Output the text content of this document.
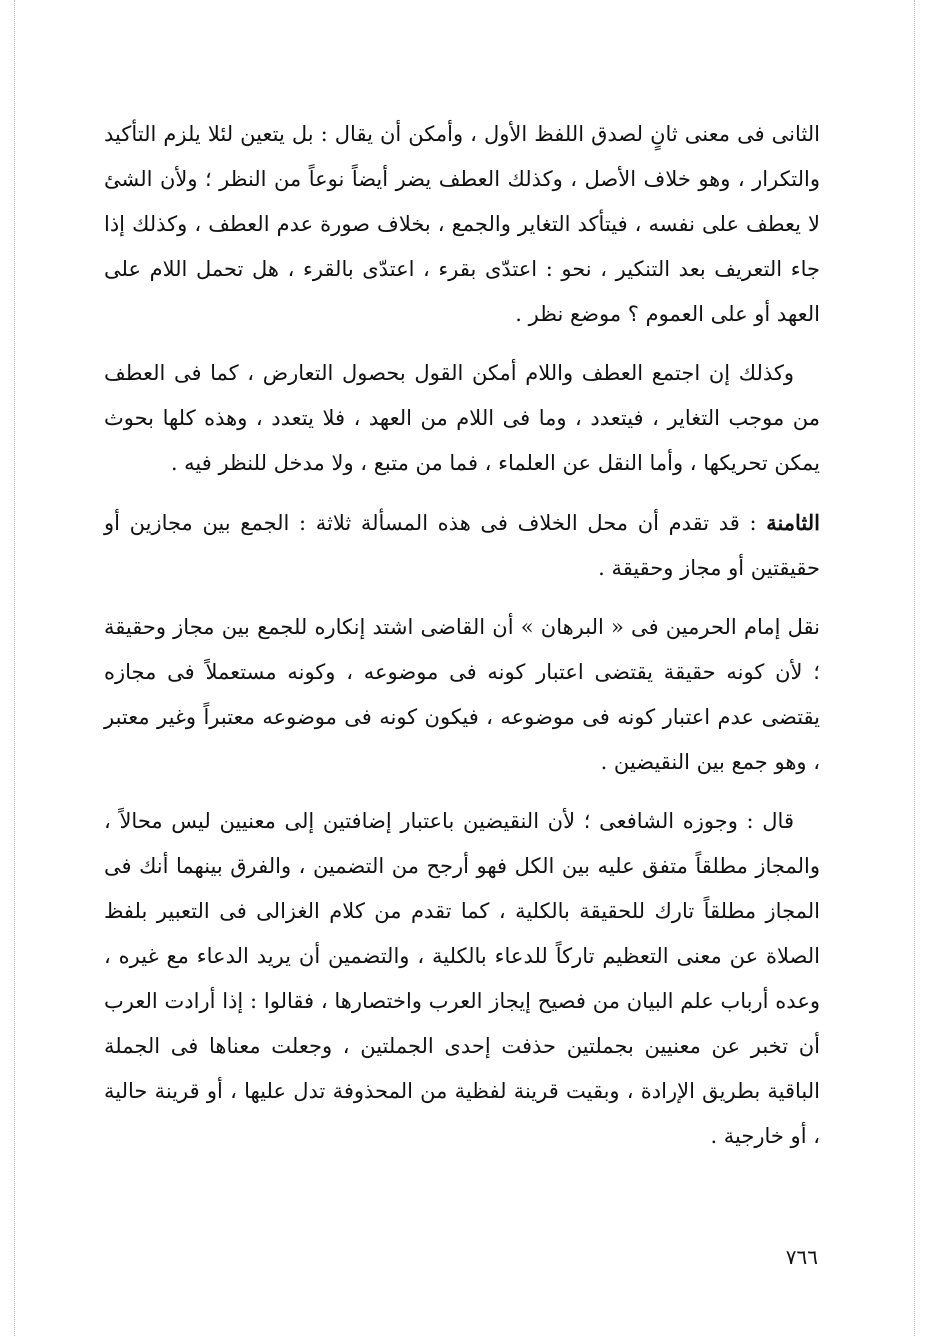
الثانى فى معنى ثانٍ لصدق اللفظ الأول ، وأمكن أن يقال : بل يتعين لئلا يلزم التأكيد والتكرار ، وهو خلاف الأصل ، وكذلك العطف يضر أيضاً نوعاً من النظر ؛ ولأن الشئ لا يعطف على نفسه ، فيتأكد التغاير والجمع ، بخلاف صورة عدم العطف ، وكذلك إذا جاء التعريف بعد التنكير ، نحو : اعتدّى بقرء ، اعتدّى بالقرء ، هل تحمل اللام على العهد أو على العموم ؟ موضع نظر .

وكذلك إن اجتمع العطف واللام أمكن القول بحصول التعارض ، كما فى العطف من موجب التغاير ، فيتعدد ، وما فى اللام من العهد ، فلا يتعدد ، وهذه كلها بحوث يمكن تحريكها ، وأما النقل عن العلماء ، فما من متبع ، ولا مدخل للنظر فيه .

الثامنة : قد تقدم أن محل الخلاف فى هذه المسألة ثلاثة : الجمع بين مجازين أو حقيقتين أو مجاز وحقيقة .

نقل إمام الحرمين فى « البرهان » أن القاضى اشتد إنكاره للجمع بين مجاز وحقيقة ؛ لأن كونه حقيقة يقتضى اعتبار كونه فى موضوعه ، وكونه مستعملاً فى مجازه يقتضى عدم اعتبار كونه فى موضوعه ، فيكون كونه فى موضوعه معتبراً وغير معتبر ، وهو جمع بين النقيضين .

قال : وجوزه الشافعى ؛ لأن النقيضين باعتبار إضافتين إلى معنيين ليس محالاً ، والمجاز مطلقاً متفق عليه بين الكل فهو أرجح من التضمين ، والفرق بينهما أنك فى المجاز مطلقاً تارك للحقيقة بالكلية ، كما تقدم من كلام الغزالى فى التعبير بلفظ الصلاة عن معنى التعظيم تاركاً للدعاء بالكلية ، والتضمين أن يريد الدعاء مع غيره ، وعده أرباب علم البيان من فصيح إيجاز العرب واختصارها ، فقالوا : إذا أرادت العرب أن تخبر عن معنيين بجملتين حذفت إحدى الجملتين ، وجعلت معناها فى الجملة الباقية بطريق الإرادة ، وبقيت قرينة لفظية من المحذوفة تدل عليها ، أو قرينة حالية ، أو خارجية .

٧٦٦
